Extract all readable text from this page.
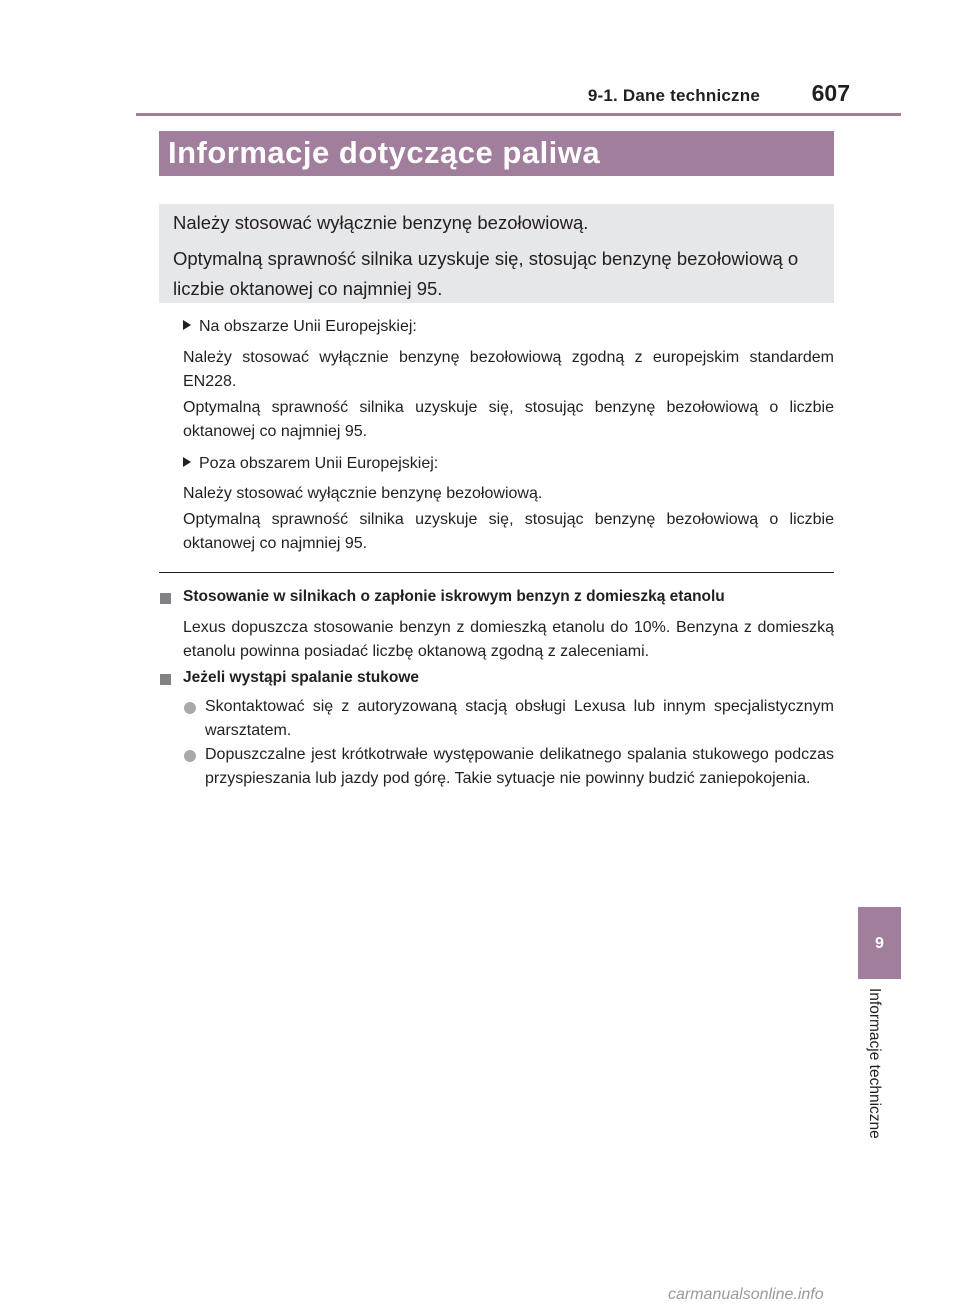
9-1. Dane techniczne	607
Informacje dotyczące paliwa
Należy stosować wyłącznie benzynę bezołowiową.
Optymalną sprawność silnika uzyskuje się, stosując benzynę bezołowiową o liczbie oktanowej co najmniej 95.
Na obszarze Unii Europejskiej:
Należy stosować wyłącznie benzynę bezołowiową zgodną z europejskim standardem EN228.
Optymalną sprawność silnika uzyskuje się, stosując benzynę bezołowiową o liczbie oktanowej co najmniej 95.
Poza obszarem Unii Europejskiej:
Należy stosować wyłącznie benzynę bezołowiową.
Optymalną sprawność silnika uzyskuje się, stosując benzynę bezołowiową o liczbie oktanowej co najmniej 95.
Stosowanie w silnikach o zapłonie iskrowym benzyn z domieszką etanolu
Lexus dopuszcza stosowanie benzyn z domieszką etanolu do 10%. Benzyna z domieszką etanolu powinna posiadać liczbę oktanową zgodną z zaleceniami.
Jeżeli wystąpi spalanie stukowe
Skontaktować się z autoryzowaną stacją obsługi Lexusa lub innym specjalistycznym warsztatem.
Dopuszczalne jest krótkotrwałe występowanie delikatnego spalania stukowego podczas przyspieszania lub jazdy pod górę. Takie sytuacje nie powinny budzić zaniepokojenia.
9
Informacje techniczne
carmanualsonline.info
